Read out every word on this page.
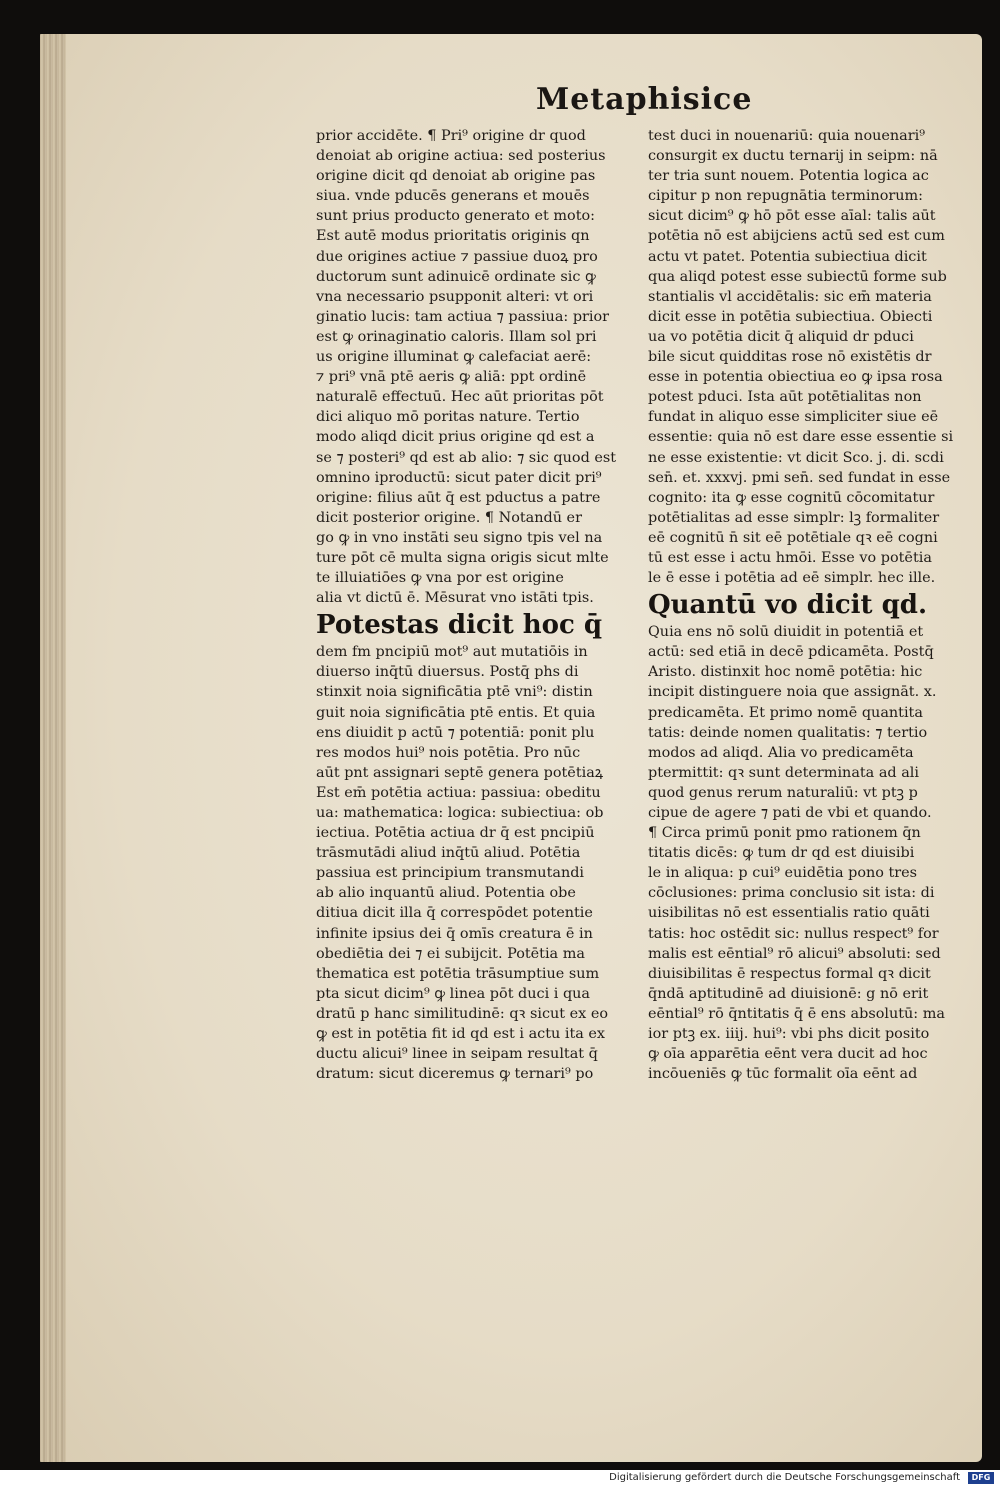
Metaphisice
prior accidēte. ¶ Pri⁹ origine dr quod
denoiat ab origine actiua: sed posterius
origine dicit qd denoiat ab origine pas
siua. vnde pducēs generans et mouēs
sunt prius producto generato et moto:
Est autē modus prioritatis originis qn
due origines actiue ⁊ passiue duoꝝ pro
ductorum sunt adinuicē ordinate sic ꝙ
vna necessario psupponit alteri: vt ori
ginatio lucis: tam actiua ⁊ passiua: prior
est ꝙ orinaginatio caloris. Illam sol pri
us origine illuminat ꝙ calefaciat aerē:
⁊ pri⁹ vnā ptē aeris ꝙ aliā: ppt ordinē
naturalē effectuū. Hec aūt prioritas pōt
dici aliquo mō poritas nature. Tertio
modo aliqd dicit prius origine qd est a
se ⁊ posteri⁹ qd est ab alio: ⁊ sic quod est
omnino iproductū: sicut pater dicit pri⁹
origine: filius aūt q̄ est pductus a patre
dicit posterior origine. ¶ Notandū er
go ꝙ in vno instāti seu signo tpis vel na
ture pōt cē multa signa origis sicut mlte
te illuiatiōes ꝙ vna por est origine
alia vt dictū ē. Mēsurat vno istāti tpis.
Potestas dicit hoc q̄
dem fm pncipiū mot⁹ aut mutatiōis in
diuerso inq̄tū diuersus. Postq̄ phs di
stinxit noia significātia ptē vni⁹: distin
guit noia significātia ptē entis. Et quia
ens diuidit p actū ⁊ potentiā: ponit plu
res modos hui⁹ nois potētia. Pro nūc
aūt pnt assignari septē genera potētiaꝝ
Est em̄ potētia actiua: passiua: obeditu
ua: mathematica: logica: subiectiua: ob
iectiua. Potētia actiua dr q̄ est pncipiū
trāsmutādi aliud inq̄tū aliud. Potētia
passiua est principium transmutandi
ab alio inquantū aliud. Potentia obe
ditiua dicit illa q̄ correspōdet potentie
infinite ipsius dei q̄ omīs creatura ē in
obediētia dei ⁊ ei subijcit. Potētia ma
thematica est potētia trāsumptiue sum
pta sicut dicim⁹ ꝙ linea pōt duci i qua
dratū p hanc similitudinē: qꝛ sicut ex eo
ꝙ est in potētia fit id qd est i actu ita ex
ductu alicui⁹ linee in seipam resultat q̄
dratum: sicut diceremus ꝙ ternari⁹ po
test duci in nouenariū: quia nouenari⁹
consurgit ex ductu ternarij in seipm: nā
ter tria sunt nouem. Potentia logica ac
cipitur p non repugnātia terminorum:
sicut dicim⁹ ꝙ hō pōt esse aīal: talis aūt
potētia nō est abijciens actū sed est cum
actu vt patet. Potentia subiectiua dicit
qua aliqd potest esse subiectū forme sub
stantialis vl accidētalis: sic em̄ materia
dicit esse in potētia subiectiua. Obiecti
ua vo potētia dicit q̄ aliquid dr pduci
bile sicut quidditas rose nō existētis dr
esse in potentia obiectiua eo ꝙ ipsa rosa
potest pduci. Ista aūt potētialitas non
fundat in aliquo esse simpliciter siue eē
essentie: quia nō est dare esse essentie si
ne esse existentie: vt dicit Sco. j. di. scdi
sen̄. et. xxxvj. pmi sen̄. sed fundat in esse
cognito: ita ꝙ esse cognitū cōcomitatur
potētialitas ad esse simplr: lꝫ formaliter
eē cognitū n̄ sit eē potētiale qꝛ eē cogni
tū est esse i actu hmōi. Esse vo potētia
le ē esse i potētia ad eē simplr. hec ille.
Quantū vo dicit qd.
Quia ens nō solū diuidit in potentiā et
actū: sed etiā in decē pdicamēta. Postq̄
Aristo. distinxit hoc nomē potētia: hic
incipit distinguere noia que assignāt. x.
predicamēta. Et primo nomē quantita
tatis: deinde nomen qualitatis: ⁊ tertio
modos ad aliqd. Alia vo predicamēta
ptermittit: qꝛ sunt determinata ad ali
quod genus rerum naturaliū: vt ptꝫ p
cipue de agere ⁊ pati de vbi et quando.
¶ Circa primū ponit pmo rationem q̄n
titatis dicēs: ꝙ tum dr qd est diuisibi
le in aliqua: p cui⁹ euidētia pono tres
cōclusiones: prima conclusio sit ista: di
uisibilitas nō est essentialis ratio quāti
tatis: hoc ostēdit sic: nullus respect⁹ for
malis est eēntial⁹ rō alicui⁹ absoluti: sed
diuisibilitas ē respectus formal qꝛ dicit
q̄ndā aptitudinē ad diuisionē: g nō erit
eēntial⁹ rō q̄ntitatis q̄ ē ens absolutū: ma
ior ptꝫ ex. iiij. hui⁹: vbi phs dicit posito
ꝙ oīa apparētia eēnt vera ducit ad hoc
incōueniēs ꝙ tūc formalit oīa eēnt ad
Digitalisierung gefördert durch die Deutsche Forschungsgemeinschaft	DFG
